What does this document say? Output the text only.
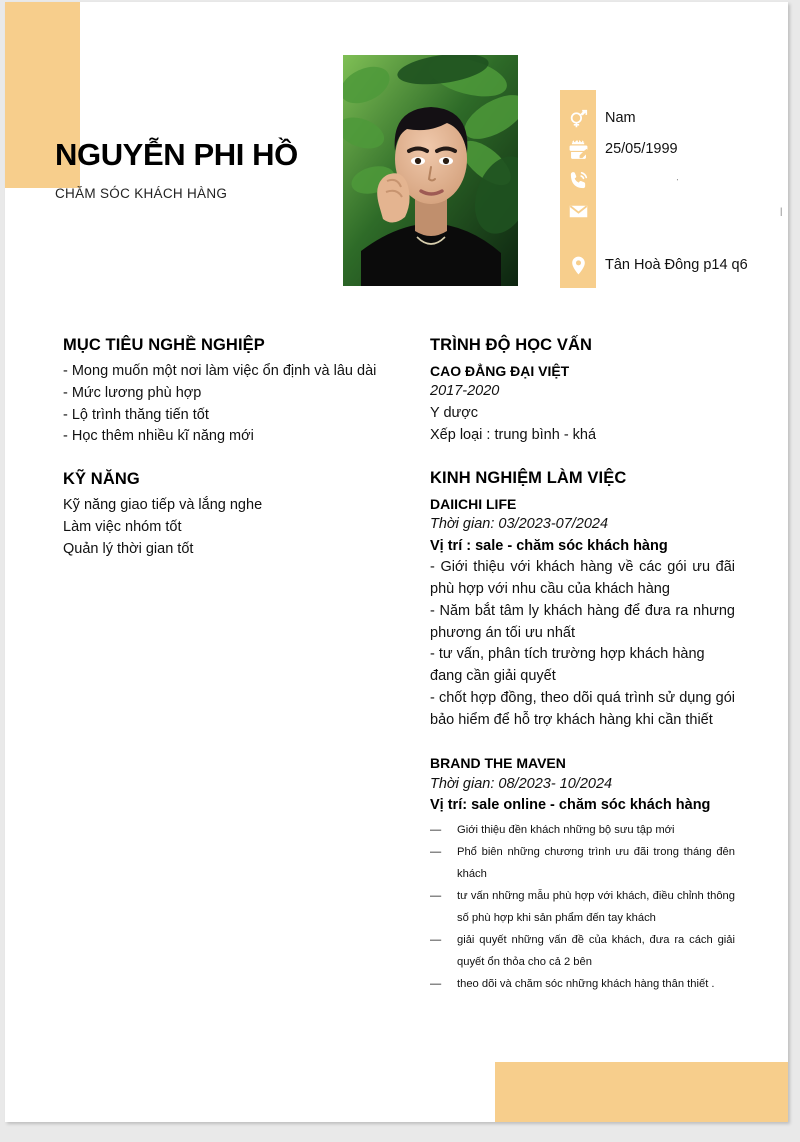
NGUYỄN PHI HỒ

CHĂM SÓC KHÁCH HÀNG

Nam
25/05/1999
‧
|
Tân Hoà Đông p14 q6
MỤC TIÊU NGHỀ NGHIỆP

- Mong muốn một nơi làm việc ổn định và lâu dài

- Mức lương phù hợp
- Lộ trình thăng tiến tốt
- Học thêm nhiều kĩ năng mới
KỸ NĂNG
Kỹ năng giao tiếp và lắng nghe
Làm việc nhóm tốt
Quản lý thời gian tốt
TRÌNH ĐỘ HỌC VẤN
CAO ĐẲNG ĐẠI VIỆT
2017-2020
Y dược
Xếp loại : trung bình - khá
KINH NGHIỆM LÀM VIỆC
DAIICHI LIFE
Thời gian: 03/2023-07/2024
Vị trí : sale - chăm sóc khách hàng
- Giới thiệu với khách hàng về các gói ưu đãi phù hợp với nhu cầu của khách hàng
- Năm bắt tâm ly khách hàng để đưa ra nhưng phương án tối ưu nhất
- tư vấn, phân tích trường hợp khách hàng đang cần giải quyết
- chốt hợp đồng, theo dõi quá trình sử dụng gói bảo hiểm để hỗ trợ khách hàng khi cần thiết
BRAND THE MAVEN
Thời gian: 08/2023- 10/2024
Vị trí: sale online - chăm sóc khách hàng
— Giới thiệu đền khách những bộ sưu tập mới
— Phổ biên những chương trình ưu đãi trong tháng đên khách
— tư vấn những mẫu phù hợp với khách, điều chỉnh thông số phù hợp khi sản phẩm đến tay khách
— giải quyết những vấn đề của khách, đưa ra cách giải quyết ổn thỏa cho cả 2 bên
— theo dõi và chăm sóc những khách hàng thân thiết .
